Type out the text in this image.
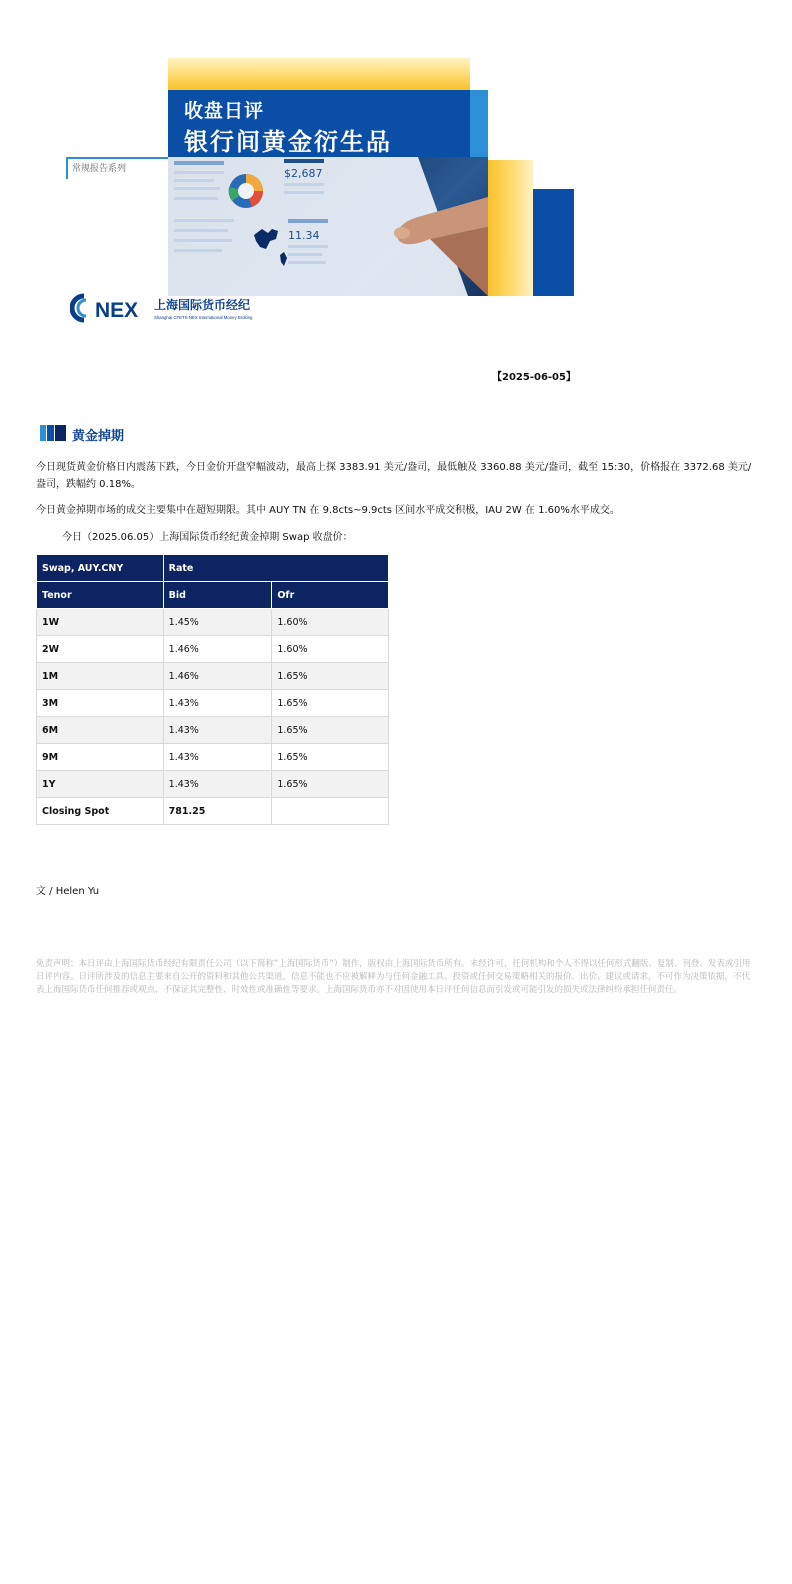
收盘日评
银行间黄金衍生品
$2,687
11.34
常规报告系列
NEX 上海国际货币经纪
Shanghai CFETS-NEX International Money Broking
【2025-06-05】
黄金掉期
今日现货黄金价格日内震荡下跌，今日金价开盘窄幅波动，最高上探 3383.91 美元/盎司，最低触及 3360.88 美元/盎司，截至 15:30，价格报在 3372.68 美元/盎司，跌幅约 0.18%。
今日黄金掉期市场的成交主要集中在超短期限。其中 AUY TN 在 9.8cts~9.9cts 区间水平成交积极，IAU 2W 在 1.60%水平成交。
今日（2025.06.05）上海国际货币经纪黄金掉期 Swap 收盘价：
Swap, AUY.CNY	Rate	
Tenor	Bid	Ofr
1W	1.45%	1.60%
2W	1.46%	1.60%
1M	1.46%	1.65%
3M	1.43%	1.65%
6M	1.43%	1.65%
9M	1.43%	1.65%
1Y	1.43%	1.65%
Closing Spot	781.25	
文 / Helen Yu
免责声明：本日评由上海国际货币经纪有限责任公司（以下简称“上海国际货币”）制作，版权由上海国际货币所有。未经许可，任何机构和个人不得以任何形式翻版、复制、刊登、发表或引用日评内容。日评所涉及的信息主要来自公开的资料和其他公共渠道，信息不能也不应被解释为与任何金融工具、投资或任何交易策略相关的报价、出价、建议或请求，不可作为决策依据，不代表上海国际货币任何推荐或观点，不保证其完整性、时效性或准确性等要求。上海国际货币亦不对因使用本日评任何信息而引发或可能引发的损失或法律纠纷承担任何责任。
